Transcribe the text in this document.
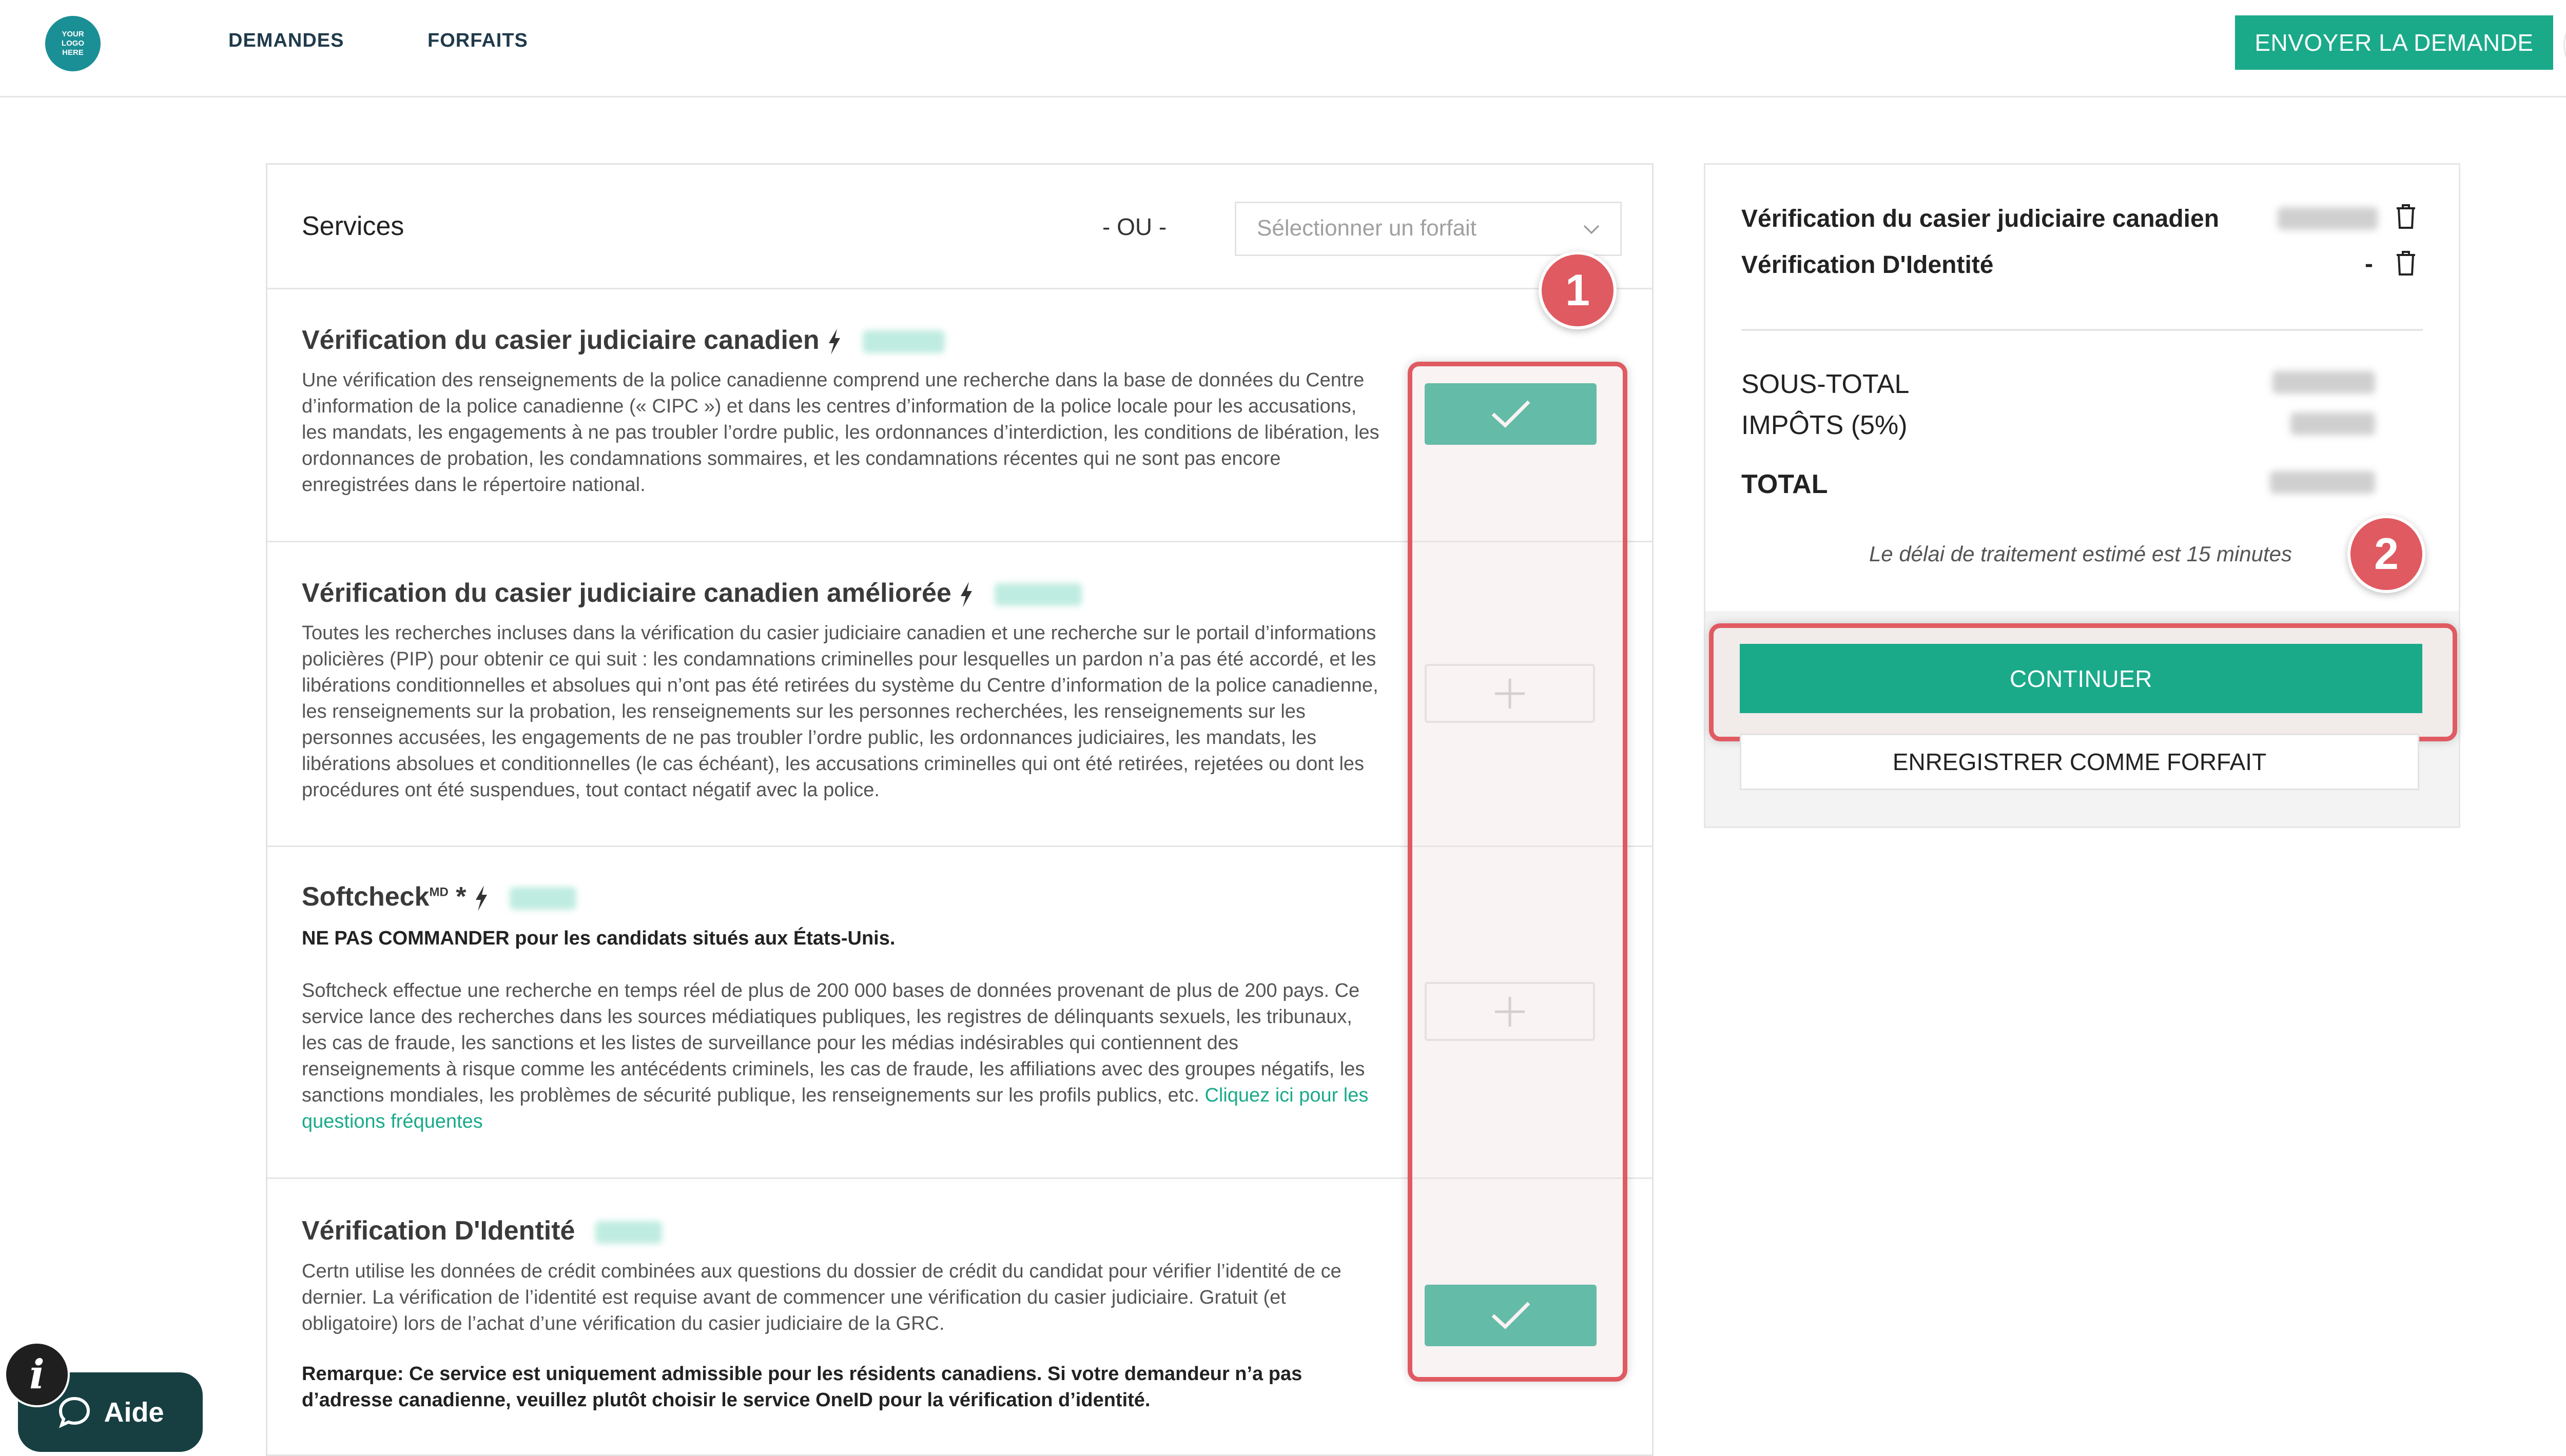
YOUR LOGO HERE
DEMANDES	FORFAITS	ENVOYER LA DEMANDE
Services	- OU -	Sélectionner un forfait
Vérification du casier judiciaire canadien
Une vérification des renseignements de la police canadienne comprend une recherche dans la base de données du Centre d’information de la police canadienne (« CIPC ») et dans les centres d’information de la police locale pour les accusations, les mandats, les engagements à ne pas troubler l’ordre public, les ordonnances d’interdiction, les conditions de libération, les ordonnances de probation, les condamnations sommaires, et les condamnations récentes qui ne sont pas encore enregistrées dans le répertoire national.
Vérification du casier judiciaire canadien améliorée
Toutes les recherches incluses dans la vérification du casier judiciaire canadien et une recherche sur le portail d’informations policières (PIP) pour obtenir ce qui suit : les condamnations criminelles pour lesquelles un pardon n’a pas été accordé, et les libérations conditionnelles et absolues qui n’ont pas été retirées du système du Centre d’information de la police canadienne, les renseignements sur la probation, les renseignements sur les personnes recherchées, les renseignements sur les personnes accusées, les engagements de ne pas troubler l’ordre public, les ordonnances judiciaires, les mandats, les libérations absolues et conditionnelles (le cas échéant), les accusations criminelles qui ont été retirées, rejetées ou dont les procédures ont été suspendues, tout contact négatif avec la police.
Softcheck$^{MD}$ *
NE PAS COMMANDER pour les candidats situés aux États-Unis.
Softcheck effectue une recherche en temps réel de plus de 200 000 bases de données provenant de plus de 200 pays. Ce service lance des recherches dans les sources médiatiques publiques, les registres de délinquants sexuels, les tribunaux, les cas de fraude, les sanctions et les listes de surveillance pour les médias indésirables qui contiennent des renseignements à risque comme les antécédents criminels, les cas de fraude, les affiliations avec des groupes négatifs, les sanctions mondiales, les problèmes de sécurité publique, les renseignements sur les profils publics, etc. Cliquez ici pour les questions fréquentes
Vérification D'Identité
Certn utilise les données de crédit combinées aux questions du dossier de crédit du candidat pour vérifier l’identité de ce dernier. La vérification de l’identité est requise avant de commencer une vérification du casier judiciaire. Gratuit (et obligatoire) lors de l’achat d’une vérification du casier judiciaire de la GRC.
Remarque: Ce service est uniquement admissible pour les résidents canadiens. Si votre demandeur n’a pas d’adresse canadienne, veuillez plutôt choisir le service OneID pour la vérification d’identité.
1
Vérification du casier judiciaire canadien
Vérification D'Identité	-
SOUS-TOTAL
IMPÔTS (5%)
TOTAL
Le délai de traitement estimé est 15 minutes	2
CONTINUER
ENREGISTRER COMME FORFAIT
Aide
i
